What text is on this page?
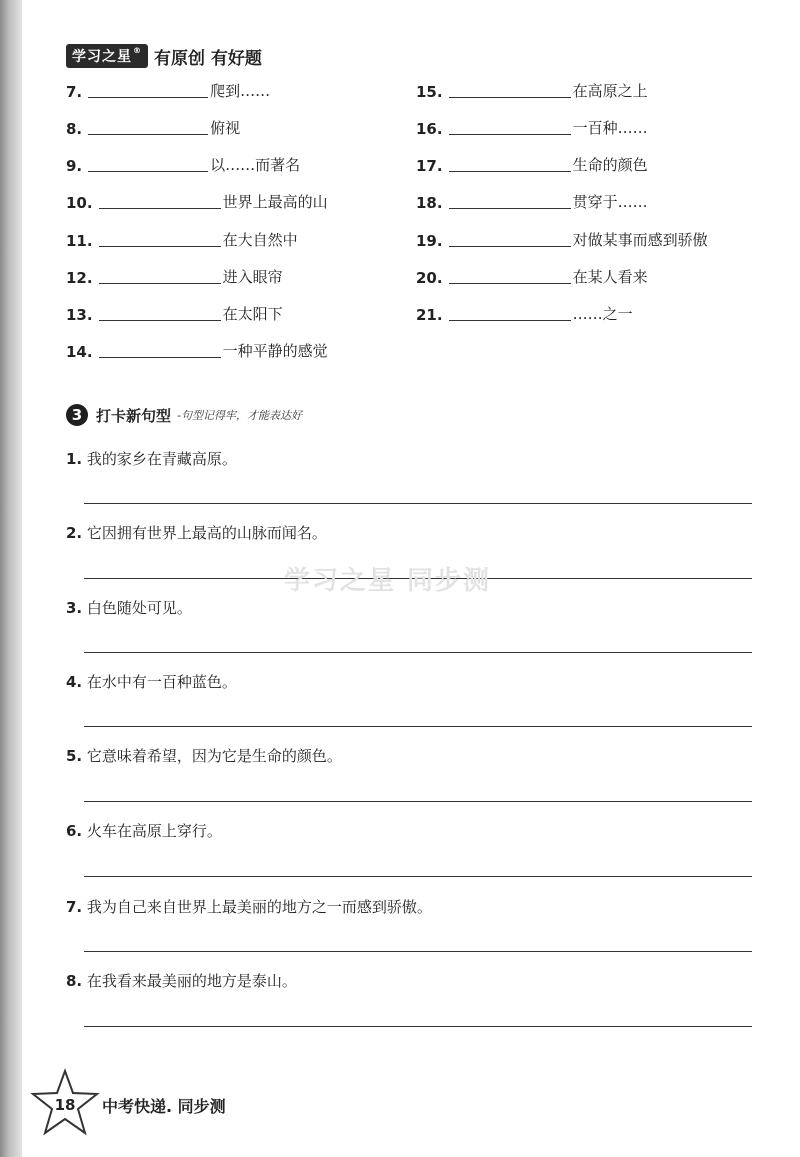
学习之星® 有原创 有好题
7.	爬到……
8.	俯视
9.	以……而著名
10.	世界上最高的山
11.	在大自然中
12.	进入眼帘
13.	在太阳下
14.	一种平静的感觉
15.	在高原之上
16.	一百种……
17.	生命的颜色
18.	贯穿于……
19.	对做某事而感到骄傲
20.	在某人看来
21.	……之一
3 打卡新句型 -句型记得牢，才能表达好
1. 我的家乡在青藏高原。
2. 它因拥有世界上最高的山脉而闻名。
3. 白色随处可见。
4. 在水中有一百种蓝色。
5. 它意味着希望，因为它是生命的颜色。
6. 火车在高原上穿行。
7. 我为自己来自世界上最美丽的地方之一而感到骄傲。
8. 在我看来最美丽的地方是泰山。
学习之星 同步测
18 中考快递. 同步测
